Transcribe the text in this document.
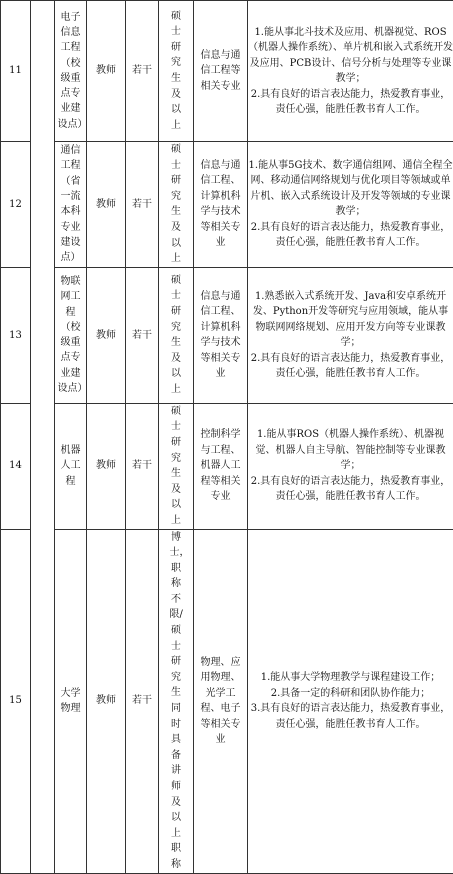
11		电子信息工程（校级重点专业建设点）	教师	若干	硕士研究生及以上	信息与通信工程等相关专业	1.能从事北斗技术及应用、机器视觉、ROS（机器人操作系统）、单片机和嵌入式系统开发及应用、PCB设计、信号分析与处理等专业课教学；
2.具有良好的语言表达能力，热爱教育事业，责任心强，能胜任教书育人工作。

12		通信工程（省一流本科专业建设点）	教师	若干	硕士研究生及以上	信息与通信工程、计算机科学与技术等相关专业	1.能从事5G技术、数字通信组网、通信全程全网、移动通信网络规划与优化项目等领域或单片机、嵌入式系统设计及开发等领域的专业课教学；
2.具有良好的语言表达能力，热爱教育事业，责任心强，能胜任教书育人工作。

13		物联网工程（校级重点专业建设点）	教师	若干	硕士研究生及以上	信息与通信工程、计算机科学与技术等相关专业	1.熟悉嵌入式系统开发、Java和安卓系统开发、Python开发等研究与应用领域，能从事物联网网络规划、应用开发方向等专业课教学；
2.具有良好的语言表达能力，热爱教育事业，责任心强，能胜任教书育人工作。

14		机器人工程	教师	若干	硕士研究生及以上	控制科学与工程、机器人工程等相关专业	1.能从事ROS（机器人操作系统）、机器视觉、机器人自主导航、智能控制等专业课教学；
2.具有良好的语言表达能力，热爱教育事业，责任心强，能胜任教书育人工作。

15		大学物理	教师	若干	博士，职称不限/硕士研究生同时具备讲师及以上职称	物理、应用物理、光学工程、电子等相关专业	1.能从事大学物理教学与课程建设工作；
2.具备一定的科研和团队协作能力；
3.具有良好的语言表达能力，热爱教育事业，责任心强，能胜任教书育人工作。
